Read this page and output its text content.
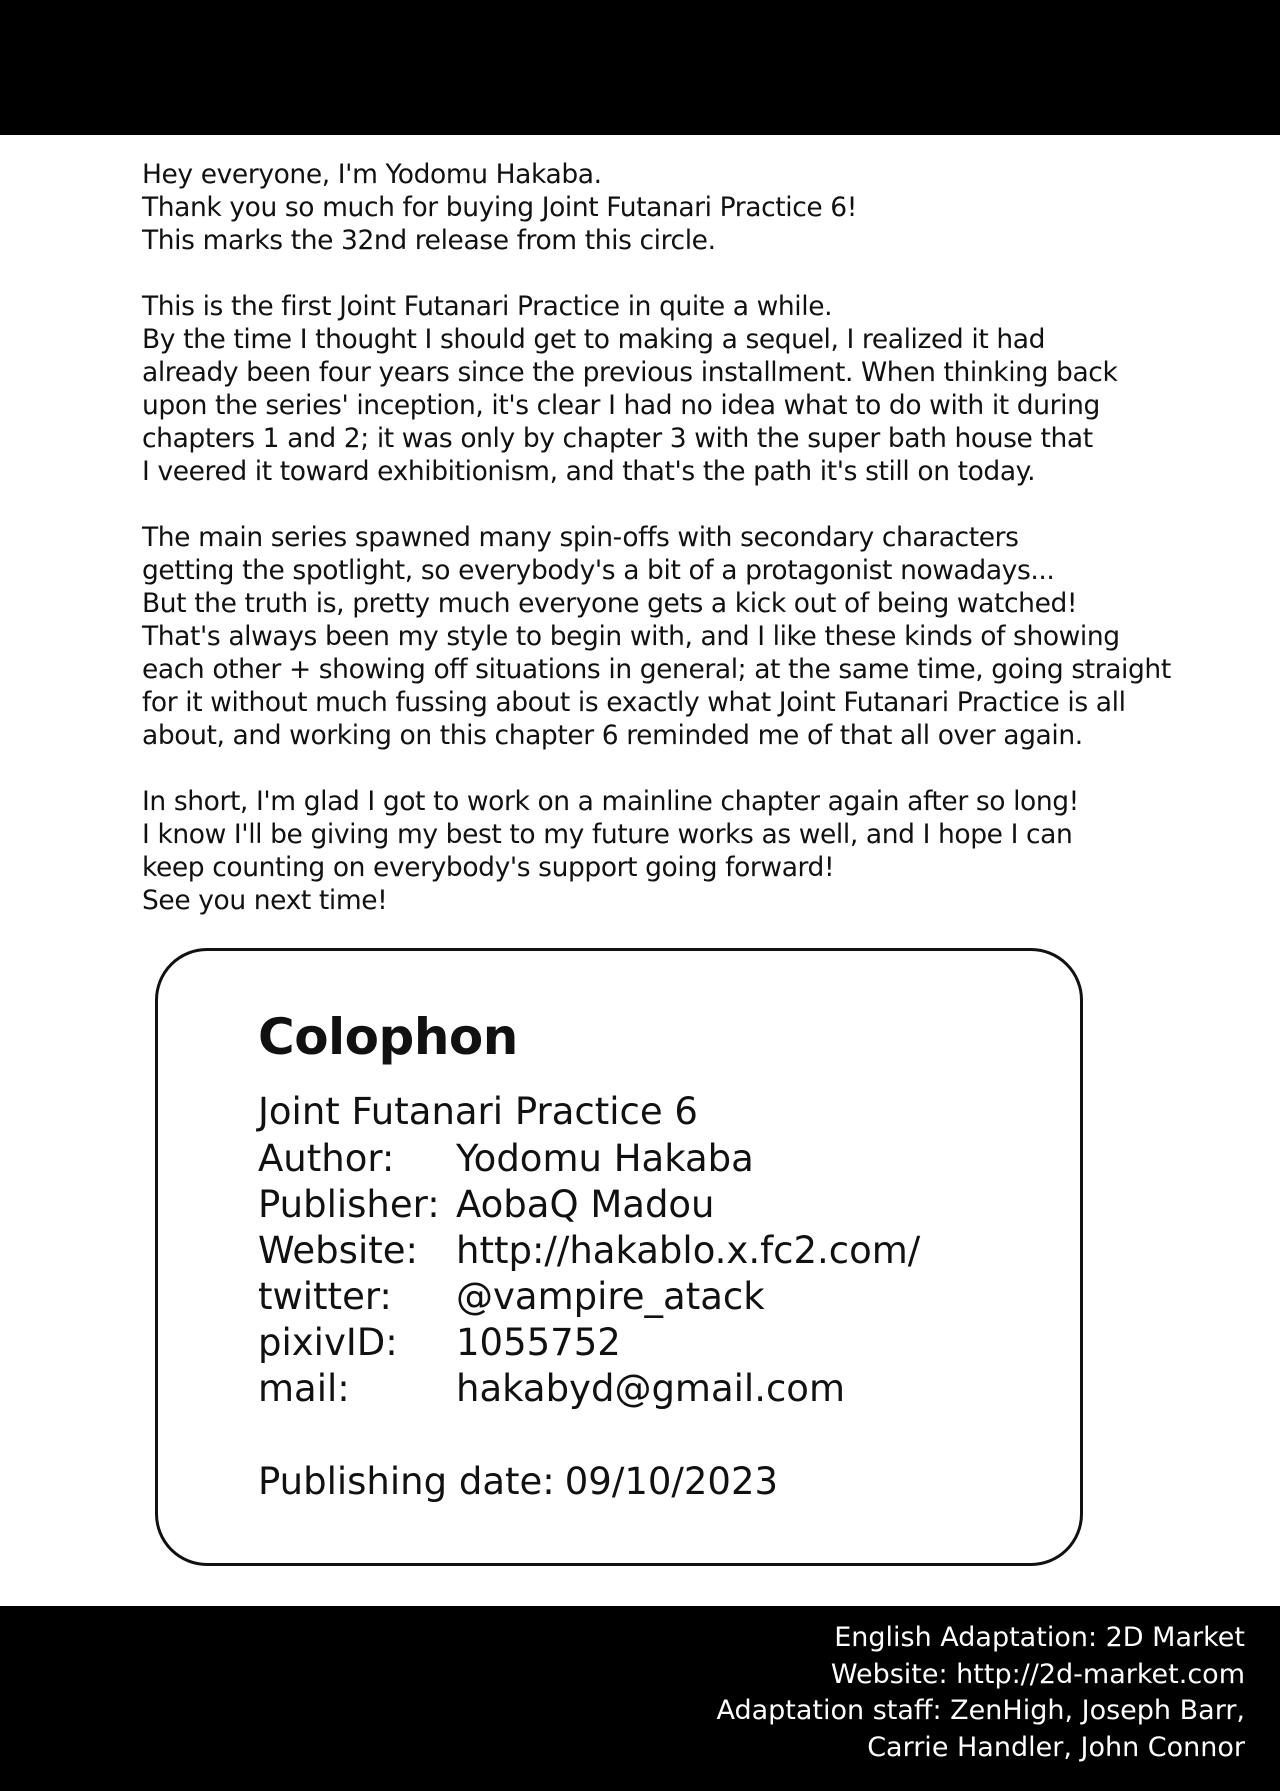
Hey everyone, I'm Yodomu Hakaba.
Thank you so much for buying Joint Futanari Practice 6!
This marks the 32nd release from this circle.

This is the first Joint Futanari Practice in quite a while.
By the time I thought I should get to making a sequel, I realized it had
already been four years since the previous installment. When thinking back
upon the series' inception, it's clear I had no idea what to do with it during
chapters 1 and 2; it was only by chapter 3 with the super bath house that
I veered it toward exhibitionism, and that's the path it's still on today.

The main series spawned many spin-offs with secondary characters
getting the spotlight, so everybody's a bit of a protagonist nowadays...
But the truth is, pretty much everyone gets a kick out of being watched!
That's always been my style to begin with, and I like these kinds of showing
each other + showing off situations in general; at the same time, going straight
for it without much fussing about is exactly what Joint Futanari Practice is all
about, and working on this chapter 6 reminded me of that all over again.

In short, I'm glad I got to work on a mainline chapter again after so long!
I know I'll be giving my best to my future works as well, and I hope I can
keep counting on everybody's support going forward!
See you next time!

Colophon
Joint Futanari Practice 6
Author:	Yodomu Hakaba
Publisher: AobaQ Madou
Website:	http://hakablo.x.fc2.com/
twitter:	@vampire_atack
pixivID:	1055752
mail:	hakabyd@gmail.com
Publishing date: 09/10/2023
English Adaptation: 2D Market
Website: http://2d-market.com
Adaptation staff: ZenHigh, Joseph Barr,
Carrie Handler, John Connor
